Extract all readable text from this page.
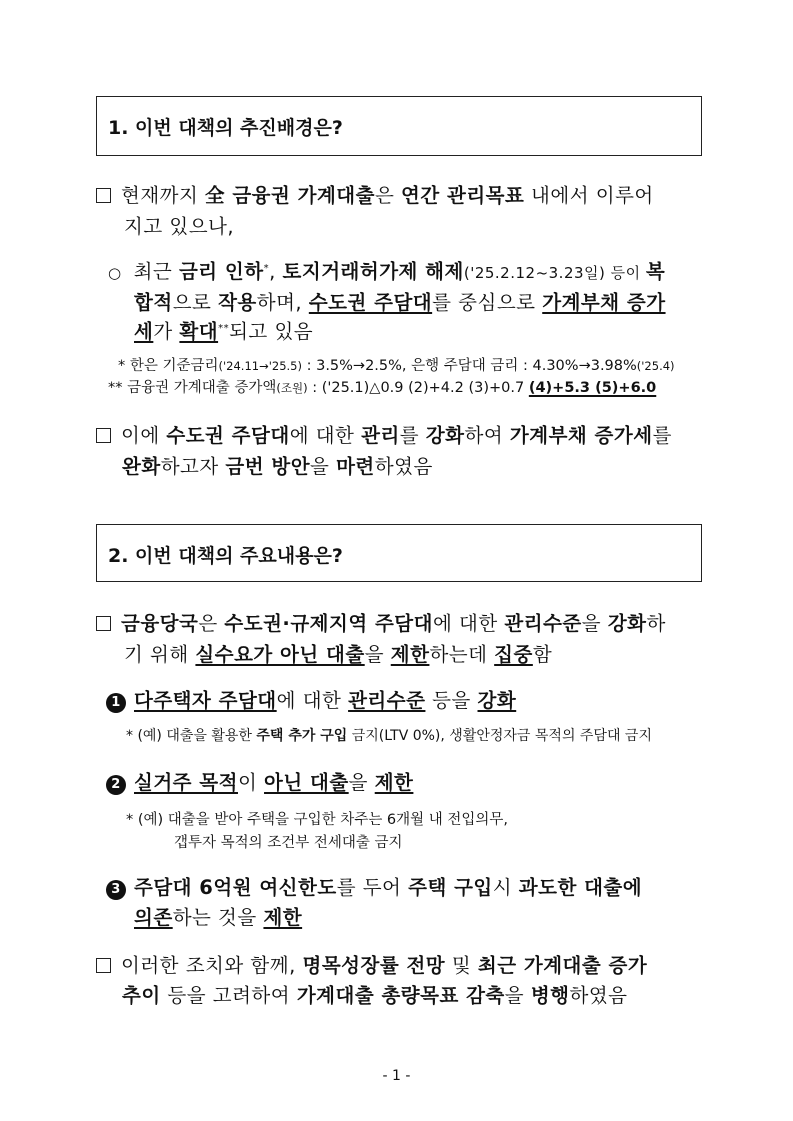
1. 이번 대책의 추진배경은?
현재까지 全 금융권 가계대출은 연간 관리목표 내에서 이루어
지고 있으나,
○ 최근 금리 인하*, 토지거래허가제 해제('25.2.12~3.23일) 등이 복
합적으로 작용하며, 수도권 주담대를 중심으로 가계부채 증가
세가 확대**되고 있음
* 한은 기준금리('24.11→'25.5) : 3.5%→2.5%, 은행 주담대 금리 : 4.30%→3.98%('25.4)
** 금융권 가계대출 증가액(조원) : ('25.1)△0.9 (2)+4.2 (3)+0.7 (4)+5.3 (5)+6.0
이에 수도권 주담대에 대한 관리를 강화하여 가계부채 증가세를
완화하고자 금번 방안을 마련하였음
2. 이번 대책의 주요내용은?
금융당국은 수도권·규제지역 주담대에 대한 관리수준을 강화하
기 위해 실수요가 아닌 대출을 제한하는데 집중함
1 다주택자 주담대에 대한 관리수준 등을 강화
* (예) 대출을 활용한 주택 추가 구입 금지(LTV 0%), 생활안정자금 목적의 주담대 금지
2 실거주 목적이 아닌 대출을 제한
* (예) 대출을 받아 주택을 구입한 차주는 6개월 내 전입의무,
갭투자 목적의 조건부 전세대출 금지
3 주담대 6억원 여신한도를 두어 주택 구입시 과도한 대출에
의존하는 것을 제한
이러한 조치와 함께, 명목성장률 전망 및 최근 가계대출 증가
추이 등을 고려하여 가계대출 총량목표 감축을 병행하였음
- 1 -
